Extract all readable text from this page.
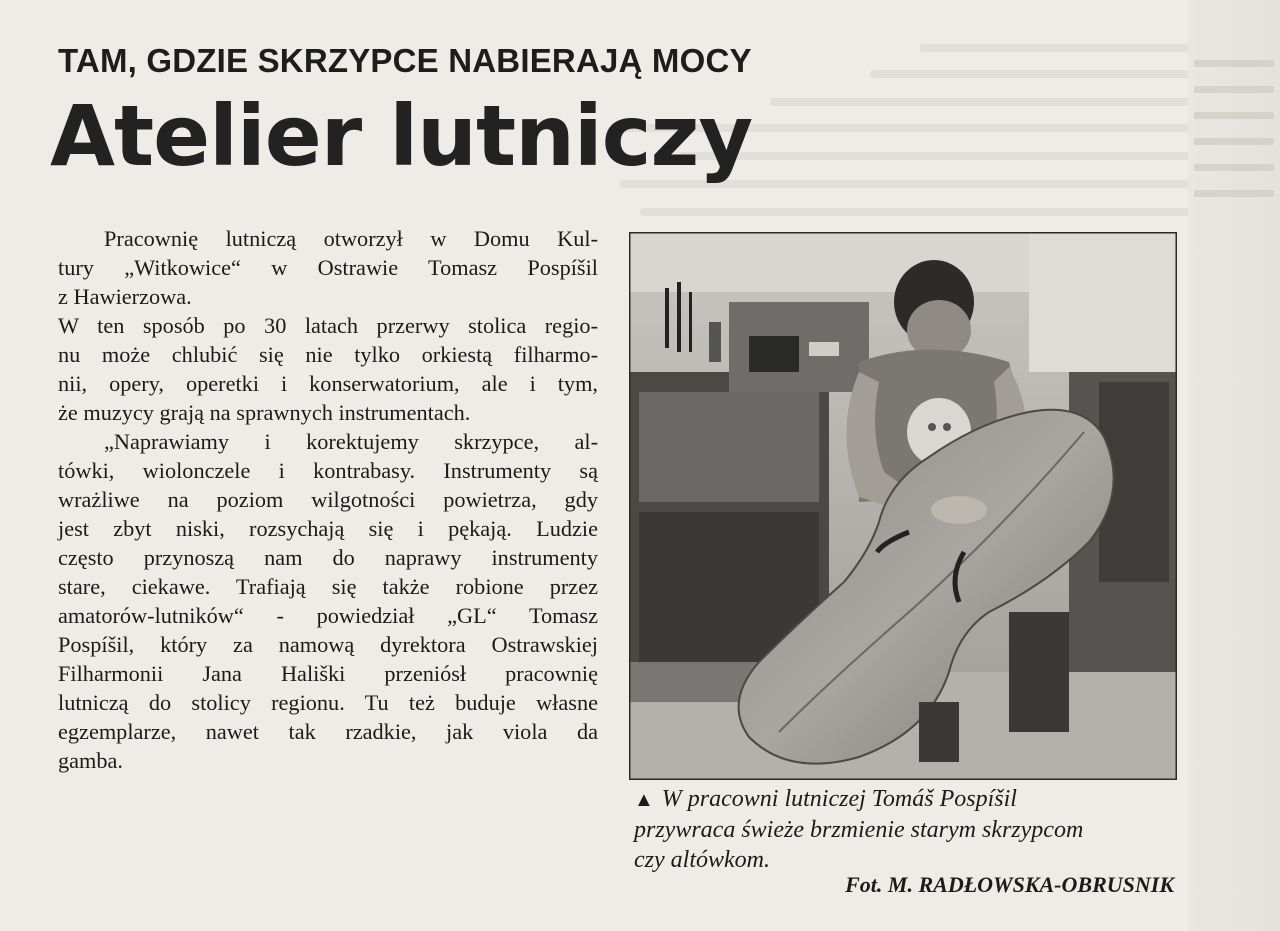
TAM, GDZIE SKRZYPCE NABIERAJĄ MOCY
Atelier lutniczy
Pracownię lutniczą otworzył w Domu Kul-
tury „Witkowice“ w Ostrawie Tomasz Pospíšil
z Hawierzowa.
W ten sposób po 30 latach przerwy stolica regio-
nu może chlubić się nie tylko orkiestą filharmo-
nii, opery, operetki i konserwatorium, ale i tym,
że muzycy grają na sprawnych instrumentach.
„Naprawiamy i korektujemy skrzypce, al-
tówki, wiolonczele i kontrabasy. Instrumenty są
wrażliwe na poziom wilgotności powietrza, gdy
jest zbyt niski, rozsychają się i pękają. Ludzie
często przynoszą nam do naprawy instrumenty
stare, ciekawe. Trafiają się także robione przez
amatorów-lutników“ - powiedział „GL“ Tomasz
Pospíšil, który za namową dyrektora Ostrawskiej
Filharmonii Jana Hališki przeniósł pracownię
lutniczą do stolicy regionu. Tu też buduje własne
egzemplarze, nawet tak rzadkie, jak viola da
gamba.
▲ W pracowni lutniczej Tomáš Pospíšil
przywraca świeże brzmienie starym skrzypcom
czy altówkom.
Fot. M. RADŁOWSKA-OBRUSNIK
